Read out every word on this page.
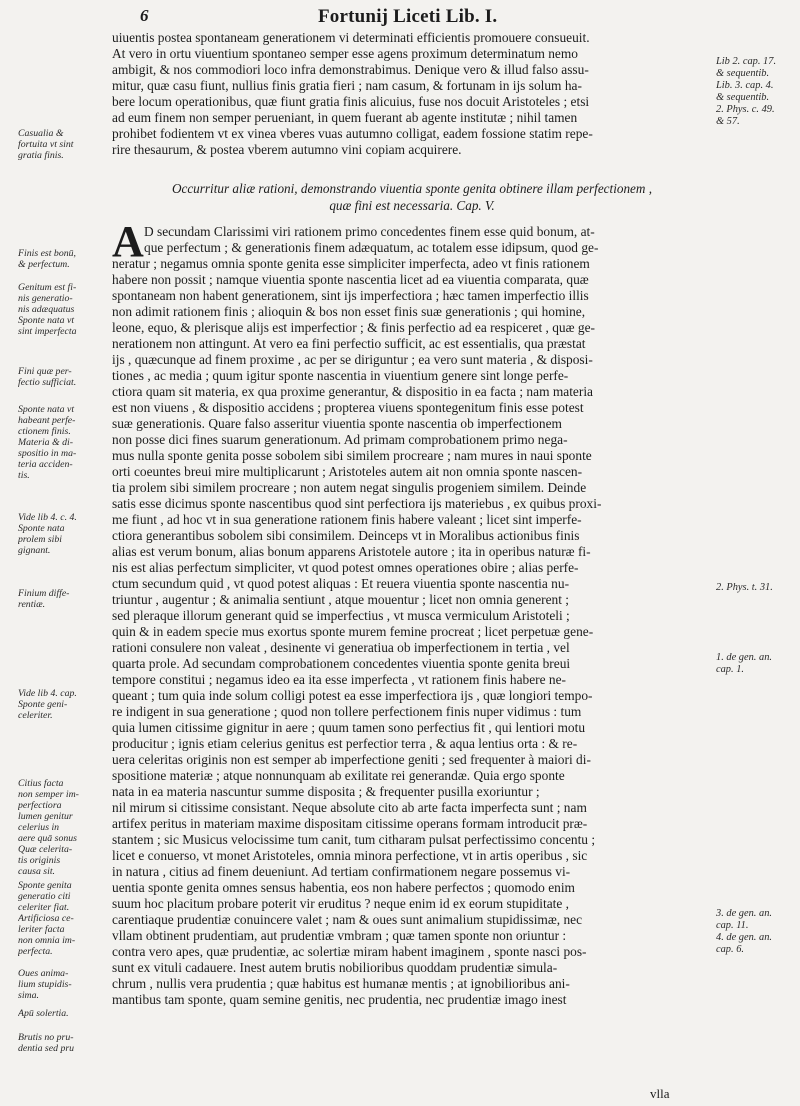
6	Fortunij Liceti Lib. I.
uiuentis postea spontaneam generationem vi determinati efficientis promouere consueuit.
At vero in ortu viuentium spontaneo semper esse agens proximum determinatum nemo
ambigit, & nos commodiori loco infra demonstrabimus. Denique vero & illud falso assu-
mitur, quæ casu fiunt, nullius finis gratia fieri ; nam casum, & fortunam in ijs solum ha-
bere locum operationibus, quæ fiunt gratia finis alicuius, fuse nos docuit Aristoteles ; etsi
ad eum finem non semper perueniant, in quem fuerant ab agente institutæ ; nihil tamen
prohibet fodientem vt ex vinea vberes vuas autumno colligat, eadem fossione statim repe-
rire thesaurum, & postea vberem autumno vini copiam acquirere.
Occurritur aliæ rationi, demonstrando viuentia sponte genita obtinere illam perfectionem ,
quæ fini est necessaria. Cap. V.
A D secundam Clarissimi viri rationem primo concedentes finem esse quid bonum, at-
que perfectum ; & generationis finem adæquatum, ac totalem esse idipsum, quod ge-
neratur ; negamus omnia sponte genita esse simpliciter imperfecta, adeo vt finis rationem
habere non possit ; namque viuentia sponte nascentia licet ad ea viuentia comparata, quæ
spontaneam non habent generationem, sint ijs imperfectiora ; hæc tamen imperfectio illis
non adimit rationem finis ; alioquin & bos non esset finis suæ generationis ; qui homine,
leone, equo, & plerisque alijs est imperfectior ; & finis perfectio ad ea respiceret , quæ ge-
nerationem non attingunt. At vero ea fini perfectio sufficit, ac est essentialis, qua præstat
ijs , quæcunque ad finem proxime , ac per se diriguntur ; ea vero sunt materia , & disposi-
tiones , ac media ; quum igitur sponte nascentia in viuentium genere sint longe perfe-
ctiora quam sit materia, ex qua proxime generantur, & dispositio in ea facta ; nam materia
est non viuens , & dispositio accidens ; propterea viuens spontegenitum finis esse potest
suæ generationis. Quare falso asseritur viuentia sponte nascentia ob imperfectionem
non posse dici fines suarum generationum. Ad primam comprobationem primo nega-
mus nulla sponte genita posse sobolem sibi similem procreare ; nam mures in naui sponte
orti coeuntes breui mire multiplicarunt ; Aristoteles autem ait non omnia sponte nascen-
tia prolem sibi similem procreare ; non autem negat singulis progeniem similem. Deinde
satis esse dicimus sponte nascentibus quod sint perfectiora ijs materiebus , ex quibus proxi-
me fiunt , ad hoc vt in sua generatione rationem finis habere valeant ; licet sint imperfe-
ctiora generantibus sobolem sibi consimilem. Deinceps vt in Moralibus actionibus finis
alias est verum bonum, alias bonum apparens Aristotele autore ; ita in operibus naturæ fi-
nis est alias perfectum simpliciter, vt quod potest omnes operationes obire ; alias perfe-
ctum secundum quid , vt quod potest aliquas : Et reuera viuentia sponte nascentia nu-
triuntur , augentur ; & animalia sentiunt , atque mouentur ; licet non omnia generent ;
sed pleraque illorum generant quid se imperfectius , vt musca vermiculum Aristoteli ;
quin & in eadem specie mus exortus sponte murem femine procreat ; licet perpetuæ gene-
rationi consulere non valeat , desinente vi generatiua ob imperfectionem in tertia , vel
quarta prole. Ad secundam comprobationem concedentes viuentia sponte genita breui
tempore constitui ; negamus ideo ea ita esse imperfecta , vt rationem finis habere ne-
queant ; tum quia inde solum colligi potest ea esse imperfectiora ijs , quæ longiori tempo-
re indigent in sua generatione ; quod non tollere perfectionem finis nuper vidimus : tum
quia lumen citissime gignitur in aere ; quum tamen sono perfectius fit , qui lentiori motu
producitur ; ignis etiam celerius genitus est perfectior terra , & aqua lentius orta : & re-
uera celeritas originis non est semper ab imperfectione geniti ; sed frequenter à maiori di-
spositione materiæ ; atque nonnunquam ab exilitate rei generandæ. Quia ergo sponte
nata in ea materia nascuntur summe disposita ; & frequenter pusilla exoriuntur ;
nil mirum si citissime consistant. Neque absolute cito ab arte facta imperfecta sunt ; nam
artifex peritus in materiam maxime dispositam citissime operans formam introducit præ-
stantem ; sic Musicus velocissime tum canit, tum citharam pulsat perfectissimo concentu ;
licet e conuerso, vt monet Aristoteles, omnia minora perfectione, vt in artis operibus , sic
in natura , citius ad finem deueniunt. Ad tertiam confirmationem negare possemus vi-
uentia sponte genita omnes sensus habentia, eos non habere perfectos ; quomodo enim
suum hoc placitum probare poterit vir eruditus ? neque enim id ex eorum stupiditate ,
carentiaque prudentiæ conuincere valet ; nam & oues sunt animalium stupidissimæ, nec
vllam obtinent prudentiam, aut prudentiæ vmbram ; quæ tamen sponte non oriuntur :
contra vero apes, quæ prudentiæ, ac solertiæ miram habent imaginem , sponte nasci pos-
sunt ex vituli cadauere. Inest autem brutis nobilioribus quoddam prudentiæ simula-
chrum , nullis vera prudentia ; quæ habitus est humanæ mentis ; at ignobilioribus ani-
mantibus tam sponte, quam semine genitis, nec prudentia, nec prudentiæ imago inest
Casualia &
fortuita vt sint
gratia finis.
Finis est bonū,
& perfectum.
Genitum est fi-
nis generatio-
nis adæquatus
Sponte nata vt
sint imperfecta
Fini quæ per-
fectio sufficiat.
Sponte nata vt
habeant perfe-
ctionem finis.
Materia & di-
spositio in ma-
teria acciden-
tis.
Vide lib 4. c. 4.
Sponte nata
prolem sibi
gignant.
Finium diffe-
rentiæ.
Vide lib 4. cap.
Sponte geni-
celeriter.
Citius facta
non semper im-
perfectiora
lumen genitur
celerius in
aere quā sonus
Quæ celerita-
tis originis
causa sit.
Sponte genita
generatio citi
celeriter fiat.
Artificiosa ce-
leriter facta
non omnia im-
perfecta.
Oues anima-
lium stupidis-
sima.
Apū solertia.
Brutis no pru-
dentia sed pru
Lib 2. cap. 17.
& sequentib.
Lib. 3. cap. 4.
& sequentib.
2. Phys. c. 49.
& 57.
2. Phys. t. 31.
1. de gen. an.
cap. 1.
3. de gen. an.
cap. 11.
4. de gen. an.
cap. 6.
vlla
